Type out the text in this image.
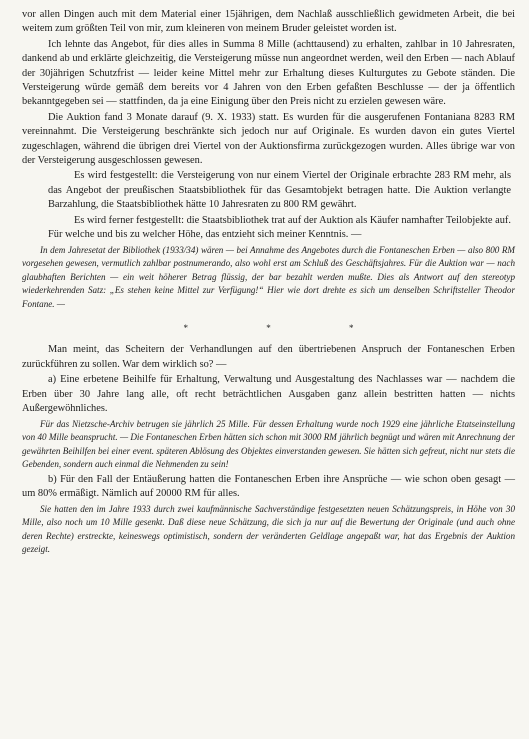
vor allen Dingen auch mit dem Material einer 15jährigen, dem Nachlaß ausschließlich gewidmeten Arbeit, die bei weitem zum größten Teil von mir, zum kleineren von meinem Bruder geleistet worden ist.

Ich lehnte das Angebot, für dies alles in Summa 8 Mille (achttausend) zu erhalten, zahlbar in 10 Jahresraten, dankend ab und erklärte gleichzeitig, die Versteigerung müsse nun angeordnet werden, weil den Erben — nach Ablauf der 30jährigen Schutzfrist — leider keine Mittel mehr zur Erhaltung dieses Kulturgutes zu Gebote ständen. Die Versteigerung würde gemäß dem bereits vor 4 Jahren von den Erben gefaßten Beschlusse — der ja öffentlich bekanntgegeben sei — stattfinden, da ja eine Einigung über den Preis nicht zu erzielen gewesen wäre.

Die Auktion fand 3 Monate darauf (9. X. 1933) statt. Es wurden für die ausgerufenen Fontaniana 8283 RM vereinnahmt. Die Versteigerung beschränkte sich jedoch nur auf Originale. Es wurden davon ein gutes Viertel zugeschlagen, während die übrigen drei Viertel von der Auktionsfirma zurückgezogen wurden. Alles übrige war von der Versteigerung ausgeschlossen gewesen.

Es wird festgestellt: die Versteigerung von nur einem Viertel der Originale erbrachte 283 RM mehr, als das Angebot der preußischen Staatsbibliothek für das Gesamtobjekt betragen hatte. Die Auktion verlangte Barzahlung, die Staatsbibliothek hätte 10 Jahresraten zu 800 RM gewährt.

Es wird ferner festgestellt: die Staatsbibliothek trat auf der Auktion als Käufer namhafter Teilobjekte auf. Für welche und bis zu welcher Höhe, das entzieht sich meiner Kenntnis. —

In dem Jahresetat der Bibliothek (1933/34) wären — bei Annahme des Angebotes durch die Fontaneschen Erben — also 800 RM vorgesehen gewesen, vermutlich zahlbar postnumerando, also wohl erst am Schluß des Geschäftsjahres. Für die Auktion war — nach glaubhaften Berichten — ein weit höherer Betrag flüssig, der bar bezahlt werden mußte. Dies als Antwort auf den stereotyp wiederkehrenden Satz: „Es stehen keine Mittel zur Verfügung!“ Hier wie dort drehte es sich um denselben Schriftsteller Theodor Fontane. —

* * *

Man meint, das Scheitern der Verhandlungen auf den übertriebenen Anspruch der Fontaneschen Erben zurückführen zu sollen. War dem wirklich so? —

a) Eine erbetene Beihilfe für Erhaltung, Verwaltung und Ausgestaltung des Nachlasses war — nachdem die Erben über 30 Jahre lang alle, oft recht beträchtlichen Ausgaben ganz allein bestritten hatten — nichts Außergewöhnliches.

Für das Nietzsche-Archiv betrugen sie jährlich 25 Mille. Für dessen Erhaltung wurde noch 1929 eine jährliche Etatseinstellung von 40 Mille beansprucht. — Die Fontaneschen Erben hätten sich schon mit 3000 RM jährlich begnügt und wären mit Anrechnung der gewährten Beihilfen bei einer event. späteren Ablösung des Objektes einverstanden gewesen. Sie hätten sich gefreut, nicht nur stets die Gebenden, sondern auch einmal die Nehmenden zu sein!

b) Für den Fall der Entäußerung hatten die Fontaneschen Erben ihre Ansprüche — wie schon oben gesagt — um 80% ermäßigt. Nämlich auf 20000 RM für alles.

Sie hatten den im Jahre 1933 durch zwei kaufmännische Sachverständige festgesetzten neuen Schätzungspreis, in Höhe von 30 Mille, also noch um 10 Mille gesenkt. Daß diese neue Schätzung, die sich ja nur auf die Bewertung der Originale (und auch ohne deren Rechte) erstreckte, keineswegs optimistisch, sondern der veränderten Geldlage angepaßt war, hat das Ergebnis der Auktion gezeigt.
